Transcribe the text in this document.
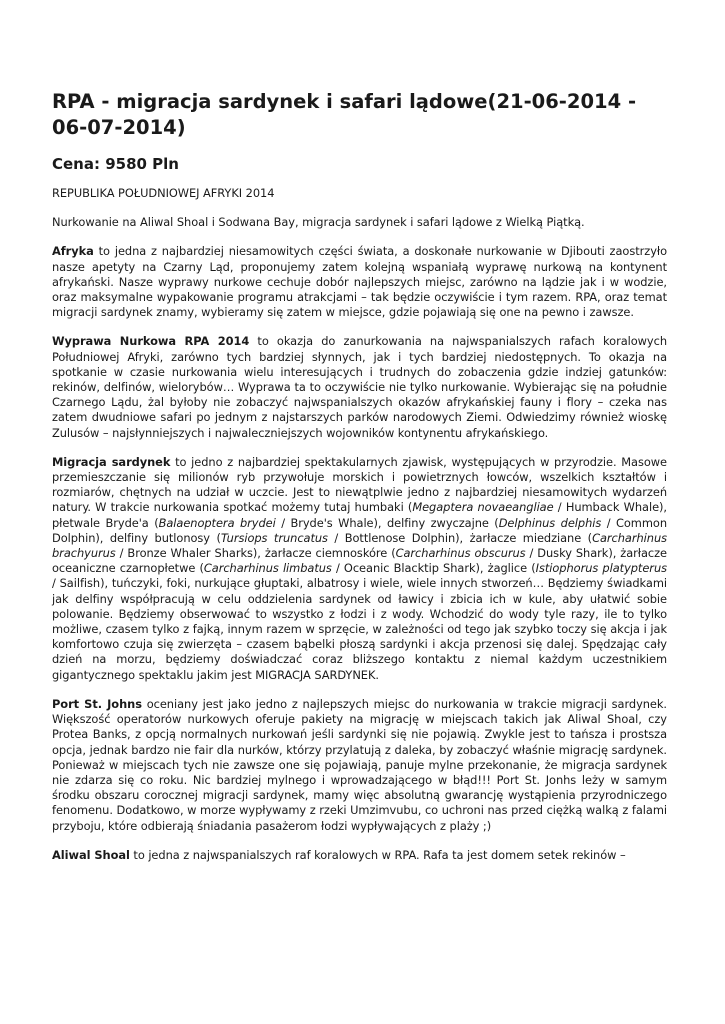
RPA - migracja sardynek i safari lądowe(21-06-2014 - 06-07-2014)
Cena: 9580 Pln

REPUBLIKA POŁUDNIOWEJ AFRYKI 2014

Nurkowanie na Aliwal Shoal i Sodwana Bay, migracja sardynek i safari lądowe z Wielką Piątką.

Afryka to jedna z najbardziej niesamowitych części świata, a doskonałe nurkowanie w Djibouti zaostrzyło nasze apetyty na Czarny Ląd, proponujemy zatem kolejną wspaniałą wyprawę nurkową na kontynent afrykański. Nasze wyprawy nurkowe cechuje dobór najlepszych miejsc, zarówno na lądzie jak i w wodzie, oraz maksymalne wypakowanie programu atrakcjami – tak będzie oczywiście i tym razem. RPA, oraz temat migracji sardynek znamy, wybieramy się zatem w miejsce, gdzie pojawiają się one na pewno i zawsze.

Wyprawa Nurkowa RPA 2014 to okazja do zanurkowania na najwspanialszych rafach koralowych Południowej Afryki, zarówno tych bardziej słynnych, jak i tych bardziej niedostępnych. To okazja na spotkanie w czasie nurkowania wielu interesujących i trudnych do zobaczenia gdzie indziej gatunków: rekinów, delfinów, wielorybów… Wyprawa ta to oczywiście nie tylko nurkowanie. Wybierając się na południe Czarnego Lądu, żal byłoby nie zobaczyć najwspanialszych okazów afrykańskiej fauny i flory – czeka nas zatem dwudniowe safari po jednym z najstarszych parków narodowych Ziemi. Odwiedzimy również wioskę Zulusów – najsłynniejszych i najwaleczniejszych wojowników kontynentu afrykańskiego.

Migracja sardynek to jedno z najbardziej spektakularnych zjawisk, występujących w przyrodzie. Masowe przemieszczanie się milionów ryb przywołuje morskich i powietrznych łowców, wszelkich kształtów i rozmiarów, chętnych na udział w uczcie. Jest to niewątplwie jedno z najbardziej niesamowitych wydarzeń natury. W trakcie nurkowania spotkać możemy tutaj humbaki (Megaptera novaeangliae / Humback Whale), płetwale Bryde'a (Balaenoptera brydei / Bryde's Whale), delfiny zwyczajne (Delphinus delphis / Common Dolphin), delfiny butlonosy (Tursiops truncatus / Bottlenose Dolphin), żarłacze miedziane (Carcharhinus brachyurus / Bronze Whaler Sharks), żarłacze ciemnoskóre (Carcharhinus obscurus / Dusky Shark), żarłacze oceaniczne czarnopłetwe (Carcharhinus limbatus / Oceanic Blacktip Shark), żaglice (Istiophorus platypterus / Sailfish), tuńczyki, foki, nurkujące głuptaki, albatrosy i wiele, wiele innych stworzeń… Będziemy świadkami jak delfiny współpracują w celu oddzielenia sardynek od ławicy i zbicia ich w kule, aby ułatwić sobie polowanie. Będziemy obserwować to wszystko z łodzi i z wody. Wchodzić do wody tyle razy, ile to tylko możliwe, czasem tylko z fajką, innym razem w sprzęcie, w zależności od tego jak szybko toczy się akcja i jak komfortowo czuja się zwierzęta – czasem bąbelki płoszą sardynki i akcja przenosi się dalej. Spędzając cały dzień na morzu, będziemy doświadczać coraz bliższego kontaktu z niemal każdym uczestnikiem gigantycznego spektaklu jakim jest MIGRACJA SARDYNEK.

Port St. Johns oceniany jest jako jedno z najlepszych miejsc do nurkowania w trakcie migracji sardynek. Większość operatorów nurkowych oferuje pakiety na migrację w miejscach takich jak Aliwal Shoal, czy Protea Banks, z opcją normalnych nurkowań jeśli sardynki się nie pojawią. Zwykle jest to tańsza i prostsza opcja, jednak bardzo nie fair dla nurków, którzy przylatują z daleka, by zobaczyć właśnie migrację sardynek. Ponieważ w miejscach tych nie zawsze one się pojawiają, panuje mylne przekonanie, że migracja sardynek nie zdarza się co roku. Nic bardziej mylnego i wprowadzającego w błąd!!! Port St. Jonhs leży w samym środku obszaru corocznej migracji sardynek, mamy więc absolutną gwarancję wystąpienia przyrodniczego fenomenu. Dodatkowo, w morze wypływamy z rzeki Umzimvubu, co uchroni nas przed ciężką walką z falami przyboju, które odbierają śniadania pasażerom łodzi wypływających z plaży ;)

Aliwal Shoal to jedna z najwspanialszych raf koralowych w RPA. Rafa ta jest domem setek rekinów –
